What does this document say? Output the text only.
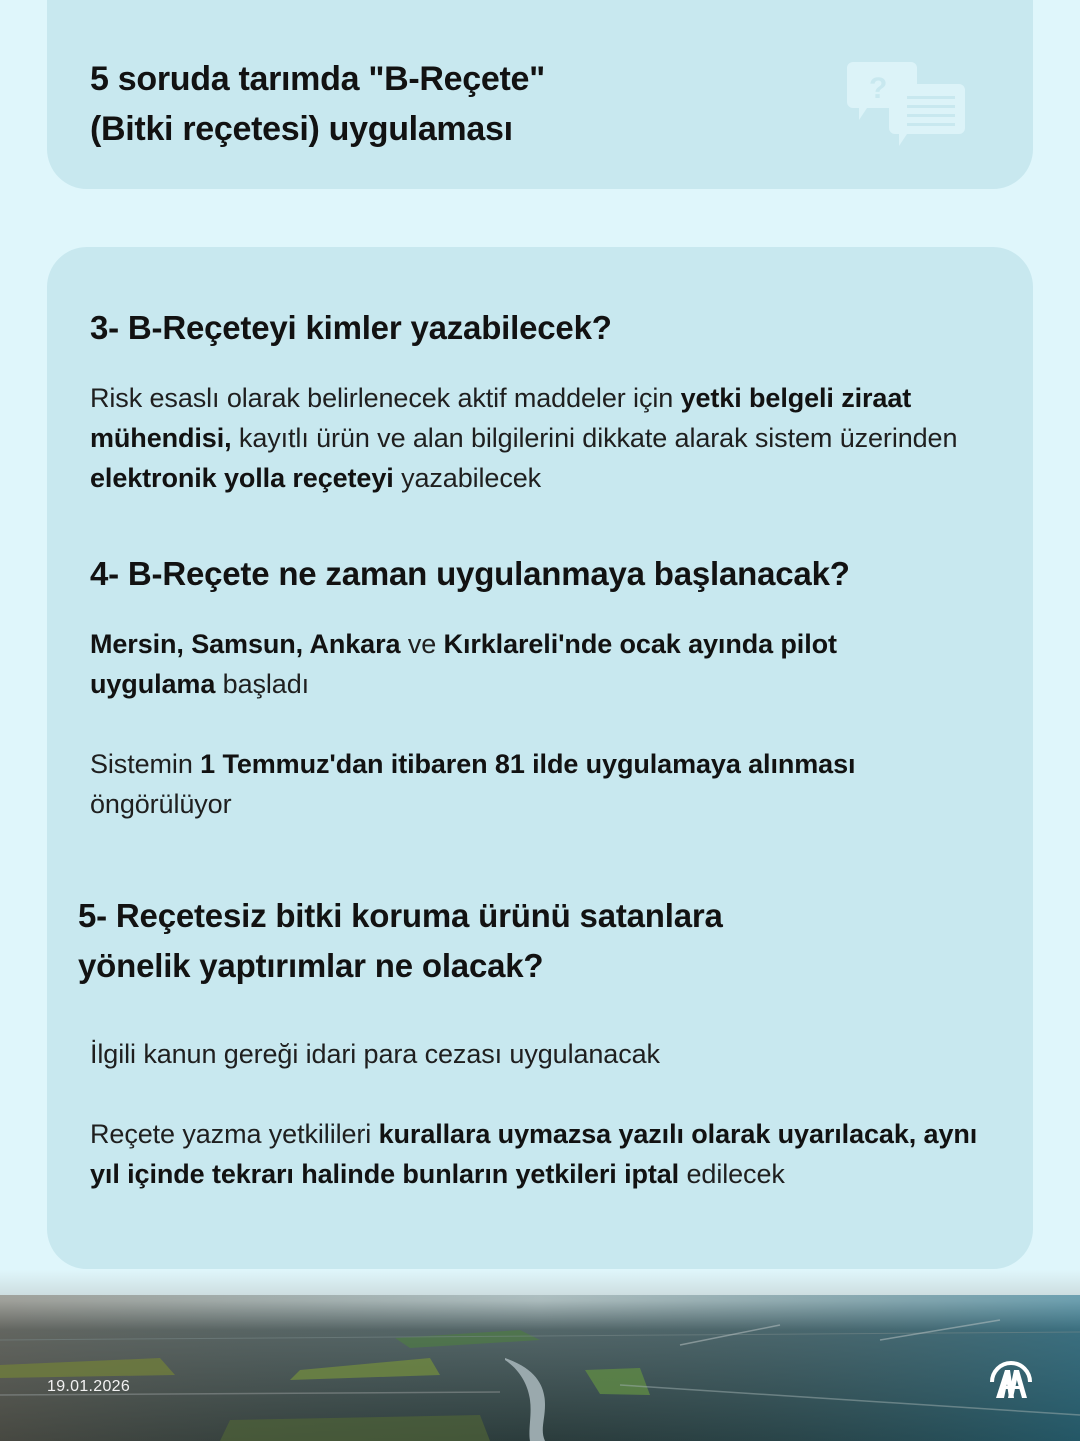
5 soruda tarımda "B-Reçete"
(Bitki reçetesi) uygulaması
?
3- B-Reçeteyi kimler yazabilecek?

Risk esaslı olarak belirlenecek aktif maddeler için yetki belgeli ziraat mühendisi, kayıtlı ürün ve alan bilgilerini dikkate alarak sistem üzerinden elektronik yolla reçeteyi yazabilecek

4- B-Reçete ne zaman uygulanmaya başlanacak?

Mersin, Samsun, Ankara ve Kırklareli'nde ocak ayında pilot uygulama başladı

Sistemin 1 Temmuz'dan itibaren 81 ilde uygulamaya alınması öngörülüyor

5- Reçetesiz bitki koruma ürünü satanlara
yönelik yaptırımlar ne olacak?

İlgili kanun gereği idari para cezası uygulanacak

Reçete yazma yetkilileri kurallara uymazsa yazılı olarak uyarılacak, aynı yıl içinde tekrarı halinde bunların yetkileri iptal edilecek

19.01.2026
